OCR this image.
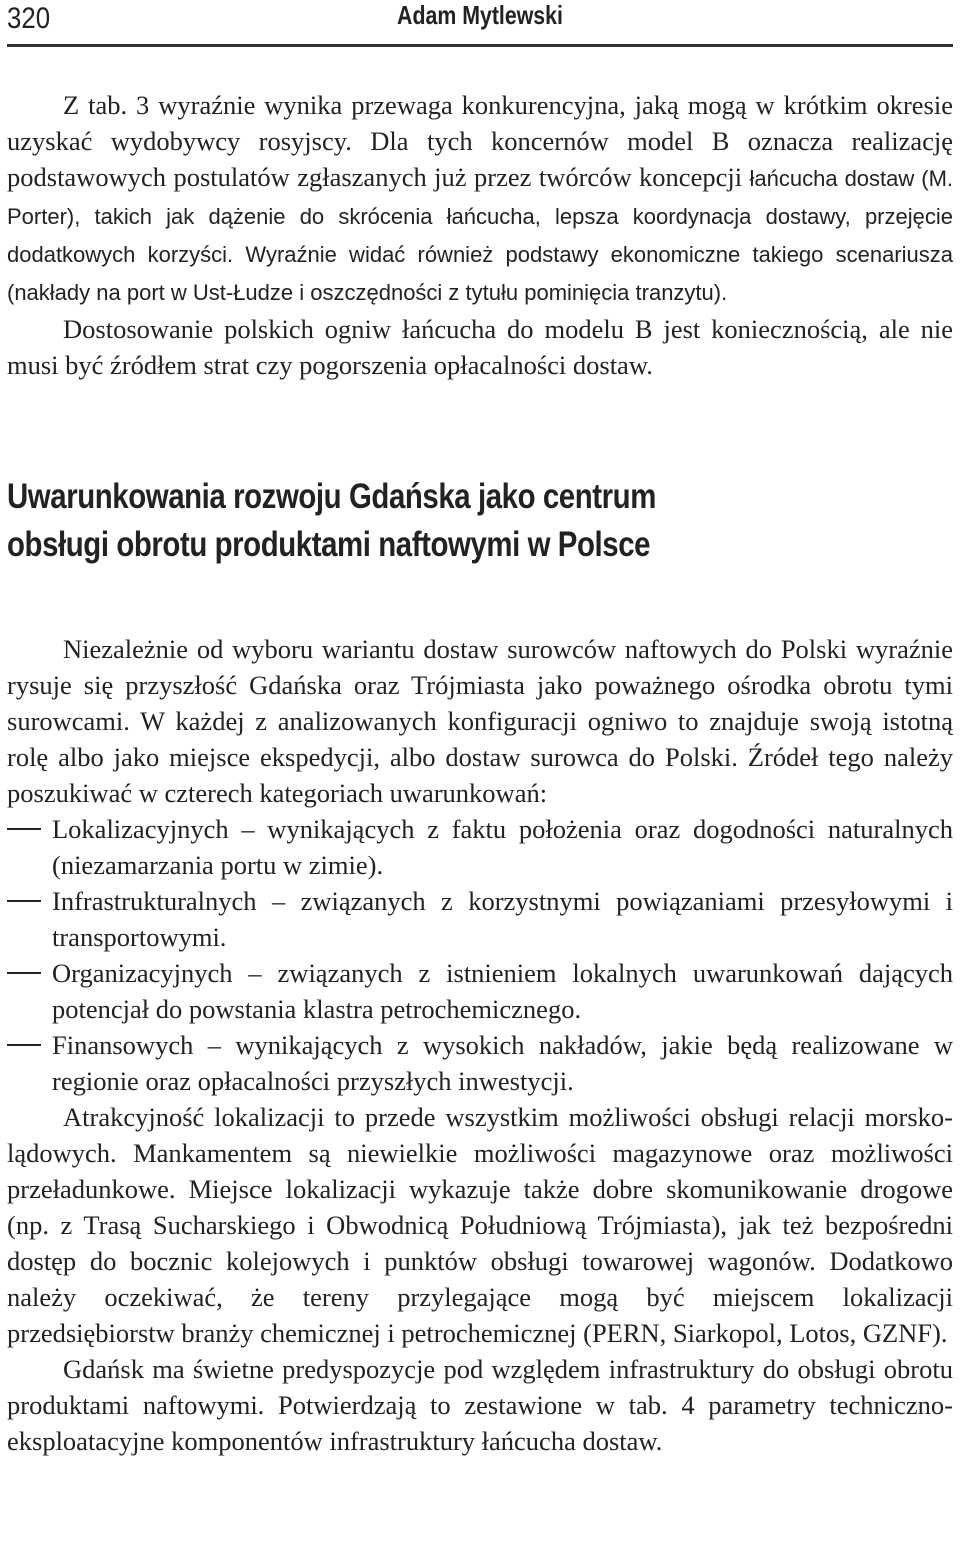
320	Adam Mytlewski

Z tab. 3 wyraźnie wynika przewaga konkurencyjna, jaką mogą w krótkim okresie uzyskać wydobywcy rosyjscy. Dla tych koncernów model B oznacza realizację podstawowych postulatów zgłaszanych już przez twórców koncepcji łańcucha dostaw (M. Porter), takich jak dążenie do skrócenia łańcucha, lepsza koordynacja dostawy, przejęcie dodatkowych korzyści. Wyraźnie widać również podstawy ekonomiczne takiego scenariusza (nakłady na port w Ust-Łudze i oszczędności z tytułu pominięcia tranzytu).

Dostosowanie polskich ogniw łańcucha do modelu B jest koniecznością, ale nie musi być źródłem strat czy pogorszenia opłacalności dostaw.

Uwarunkowania rozwoju Gdańska jako centrum
obsługi obrotu produktami naftowymi w Polsce

Niezależnie od wyboru wariantu dostaw surowców naftowych do Polski wyraźnie rysuje się przyszłość Gdańska oraz Trójmiasta jako poważnego ośrodka obrotu tymi surowcami. W każdej z analizowanych konfiguracji ogniwo to znajduje swoją istotną rolę albo jako miejsce ekspedycji, albo dostaw surowca do Polski. Źródeł tego należy poszukiwać w czterech kategoriach uwarunkowań:

Lokalizacyjnych – wynikających z faktu położenia oraz dogodności naturalnych (niezamarzania portu w zimie).
Infrastrukturalnych – związanych z korzystnymi powiązaniami przesyłowymi i transportowymi.
Organizacyjnych – związanych z istnieniem lokalnych uwarunkowań dających potencjał do powstania klastra petrochemicznego.
Finansowych – wynikających z wysokich nakładów, jakie będą realizowane w regionie oraz opłacalności przyszłych inwestycji.

Atrakcyjność lokalizacji to przede wszystkim możliwości obsługi relacji morsko-lądowych. Mankamentem są niewielkie możliwości magazynowe oraz możliwości przeładunkowe. Miejsce lokalizacji wykazuje także dobre skomunikowanie drogowe (np. z Trasą Sucharskiego i Obwodnicą Południową Trójmiasta), jak też bezpośredni dostęp do bocznic kolejowych i punktów obsługi towarowej wagonów. Dodatkowo należy oczekiwać, że tereny przylegające mogą być miejscem lokalizacji przedsiębiorstw branży chemicznej i petrochemicznej (PERN, Siarkopol, Lotos, GZNF).

Gdańsk ma świetne predyspozycje pod względem infrastruktury do obsługi obrotu produktami naftowymi. Potwierdzają to zestawione w tab. 4 parametry techniczno-eksploatacyjne komponentów infrastruktury łańcucha dostaw.
